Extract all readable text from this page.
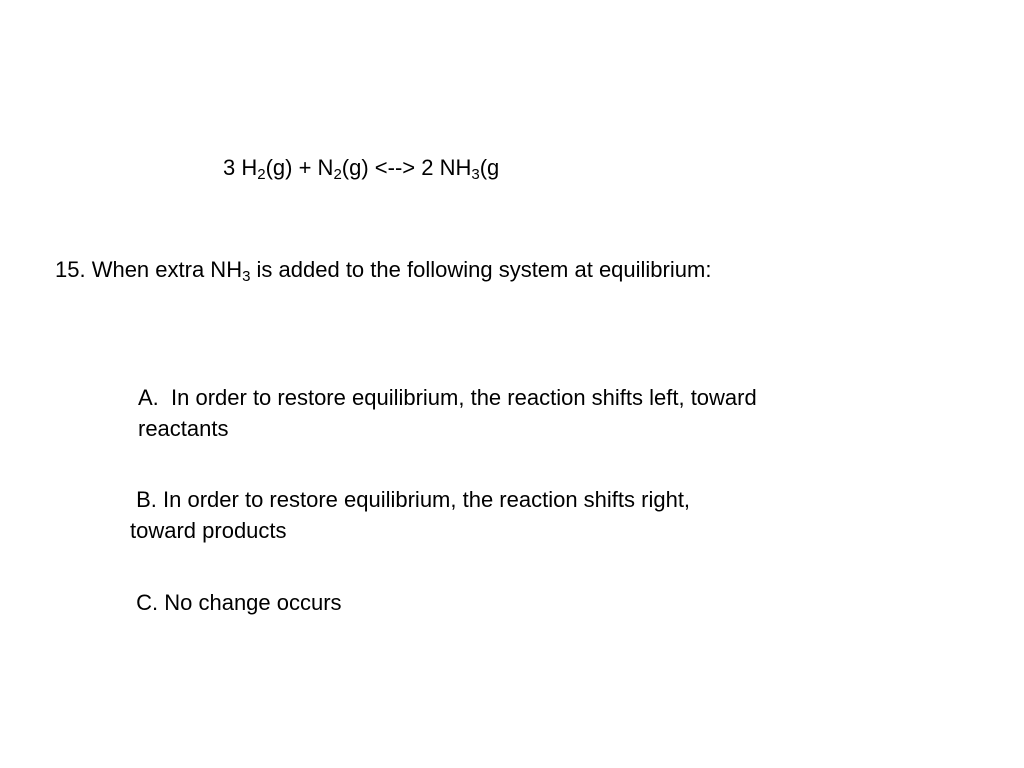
3 $H_2(g) + N_2(g)$ <--> 2 $NH_3(g$
15. When extra $NH_3$ is added to the following system at equilibrium:
A.  In order to restore equilibrium, the reaction shifts left, toward
reactants
B. In order to restore equilibrium, the reaction shifts right,
toward products
C. No change occurs
